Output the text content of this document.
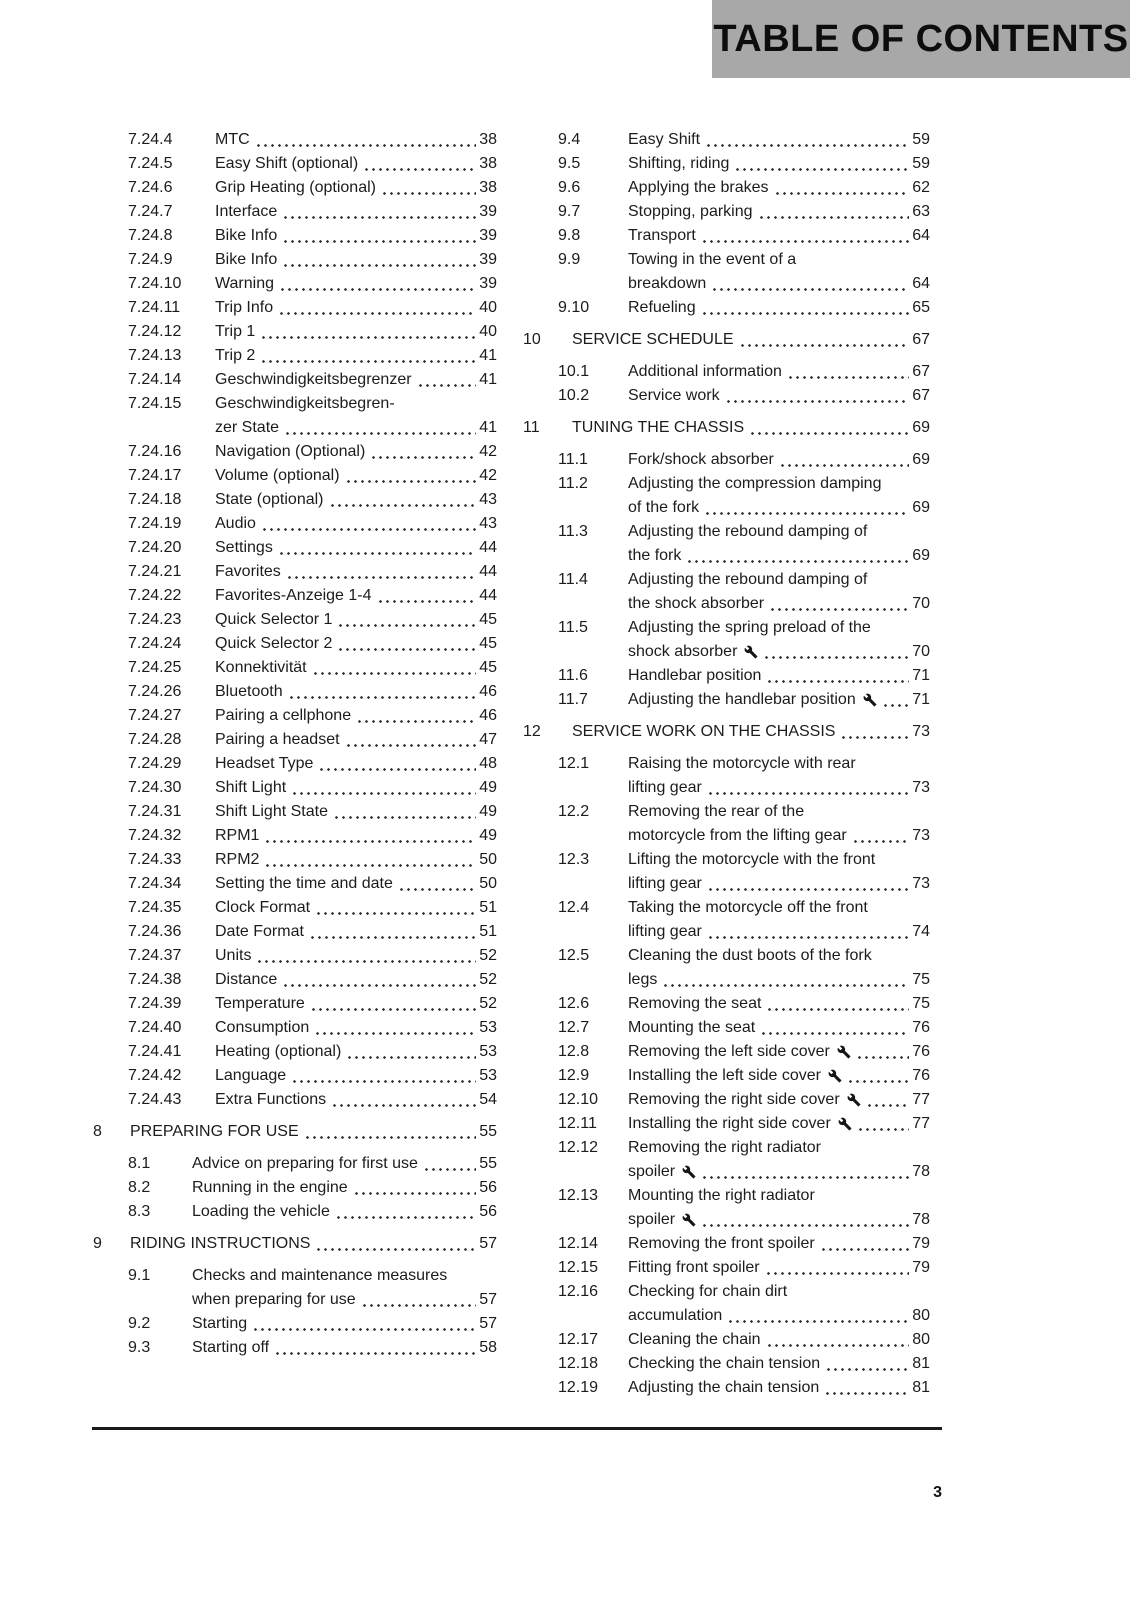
TABLE OF CONTENTS
7.24.4	MTC	38
7.24.5	Easy Shift (optional)	38
7.24.6	Grip Heating (optional)	38
7.24.7	Interface	39
7.24.8	Bike Info	39
7.24.9	Bike Info	39
7.24.10	Warning	39
7.24.11	Trip Info	40
7.24.12	Trip 1	40
7.24.13	Trip 2	41
7.24.14	Geschwindigkeitsbegrenzer	41
7.24.15	Geschwindigkeitsbegren-
zer State	41
7.24.16	Navigation (Optional)	42
7.24.17	Volume (optional)	42
7.24.18	State (optional)	43
7.24.19	Audio	43
7.24.20	Settings	44
7.24.21	Favorites	44
7.24.22	Favorites-Anzeige 1-4	44
7.24.23	Quick Selector 1	45
7.24.24	Quick Selector 2	45
7.24.25	Konnektivität	45
7.24.26	Bluetooth	46
7.24.27	Pairing a cellphone	46
7.24.28	Pairing a headset	47
7.24.29	Headset Type	48
7.24.30	Shift Light	49
7.24.31	Shift Light State	49
7.24.32	RPM1	49
7.24.33	RPM2	50
7.24.34	Setting the time and date	50
7.24.35	Clock Format	51
7.24.36	Date Format	51
7.24.37	Units	52
7.24.38	Distance	52
7.24.39	Temperature	52
7.24.40	Consumption	53
7.24.41	Heating (optional)	53
7.24.42	Language	53
7.24.43	Extra Functions	54
8	PREPARING FOR USE	55
8.1	Advice on preparing for first use	55
8.2	Running in the engine	56
8.3	Loading the vehicle	56
9	RIDING INSTRUCTIONS	57
9.1	Checks and maintenance measures
when preparing for use	57
9.2	Starting	57
9.3	Starting off	58
9.4	Easy Shift	59
9.5	Shifting, riding	59
9.6	Applying the brakes	62
9.7	Stopping, parking	63
9.8	Transport	64
9.9	Towing in the event of a
breakdown	64
9.10	Refueling	65
10	SERVICE SCHEDULE	67
10.1	Additional information	67
10.2	Service work	67
11	TUNING THE CHASSIS	69
11.1	Fork/shock absorber	69
11.2	Adjusting the compression damping
of the fork	69
11.3	Adjusting the rebound damping of
the fork	69
11.4	Adjusting the rebound damping of
the shock absorber	70
11.5	Adjusting the spring preload of the
shock absorber	70
11.6	Handlebar position	71
11.7	Adjusting the handlebar position	71
12	SERVICE WORK ON THE CHASSIS	73
12.1	Raising the motorcycle with rear
lifting gear	73
12.2	Removing the rear of the
motorcycle from the lifting gear	73
12.3	Lifting the motorcycle with the front
lifting gear	73
12.4	Taking the motorcycle off the front
lifting gear	74
12.5	Cleaning the dust boots of the fork
legs	75
12.6	Removing the seat	75
12.7	Mounting the seat	76
12.8	Removing the left side cover	76
12.9	Installing the left side cover	76
12.10	Removing the right side cover	77
12.11	Installing the right side cover	77
12.12	Removing the right radiator
spoiler	78
12.13	Mounting the right radiator
spoiler	78
12.14	Removing the front spoiler	79
12.15	Fitting front spoiler	79
12.16	Checking for chain dirt
accumulation	80
12.17	Cleaning the chain	80
12.18	Checking the chain tension	81
12.19	Adjusting the chain tension	81
3
